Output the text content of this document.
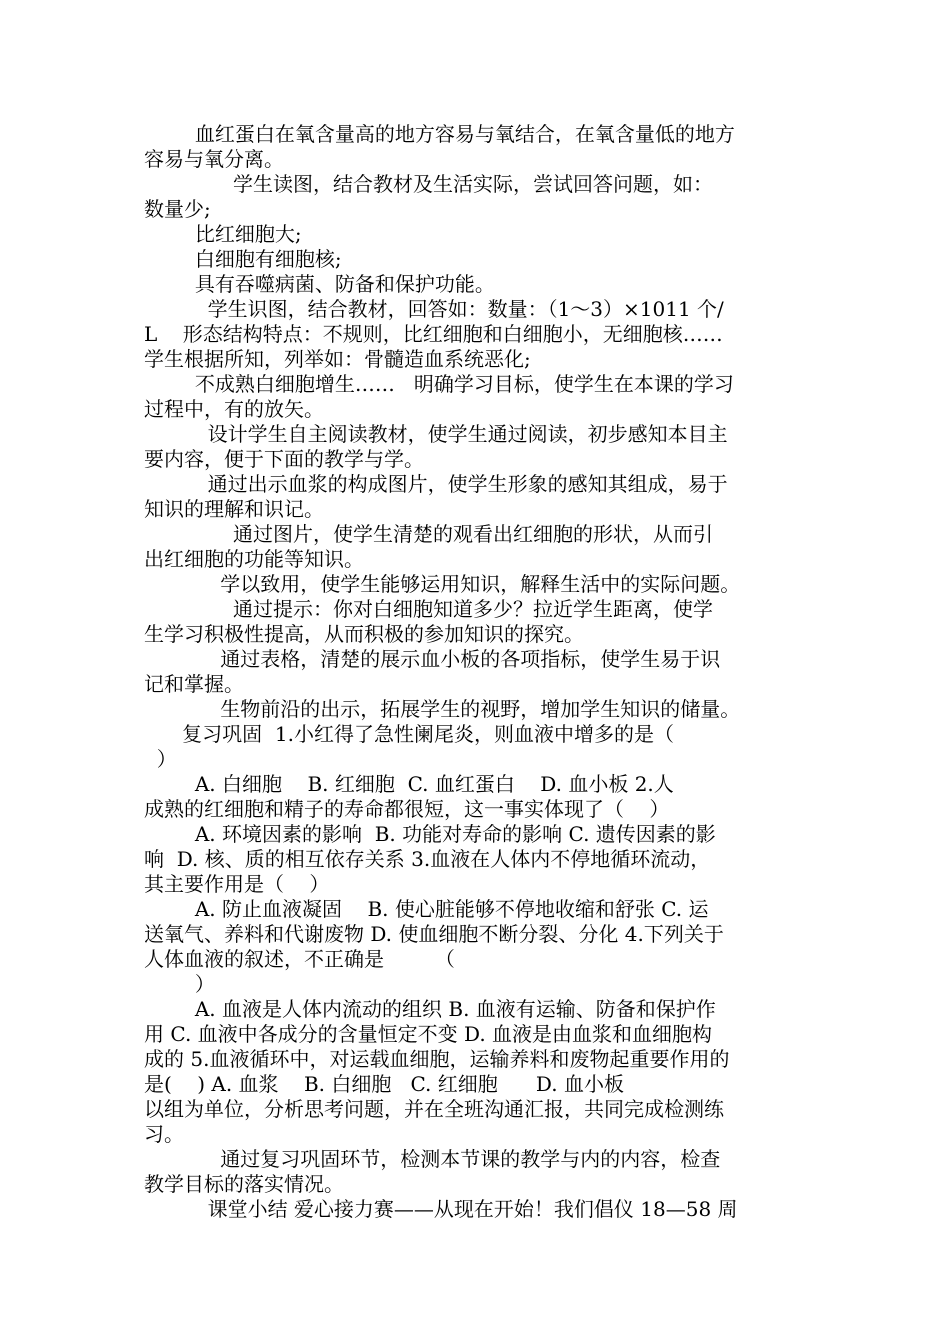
血红蛋白在氧含量高的地方容易与氧结合，在氧含量低的地方
容易与氧分离。
学生读图，结合教材及生活实际，尝试回答问题，如：
数量少;
比红细胞大;
白细胞有细胞核;
具有吞噬病菌、防备和保护功能。
学生识图，结合教材，回答如：数量：（1～3）×1011 个/
L    形态结构特点：不规则，比红细胞和白细胞小，无细胞核……
学生根据所知，列举如：骨髓造血系统恶化;
不成熟白细胞增生……   明确学习目标，使学生在本课的学习
过程中，有的放矢。
设计学生自主阅读教材，使学生通过阅读，初步感知本目主
要内容，便于下面的教学与学。
通过出示血浆的构成图片，使学生形象的感知其组成，易于
知识的理解和识记。
通过图片，使学生清楚的观看出红细胞的形状，从而引
出红细胞的功能等知识。
学以致用，使学生能够运用知识，解释生活中的实际问题。
通过提示：你对白细胞知道多少？拉近学生距离，使学
生学习积极性提高，从而积极的参加知识的探究。
通过表格，清楚的展示血小板的各项指标，使学生易于识
记和掌握。
生物前沿的出示，拓展学生的视野，增加学生知识的储量。
复习巩固  1.小红得了急性阑尾炎，则血液中增多的是（
）
A. 白细胞    B. 红细胞  C. 血红蛋白    D. 血小板 2.人
成熟的红细胞和精子的寿命都很短，这一事实体现了（    ）
A. 环境因素的影响  B. 功能对寿命的影响 C. 遗传因素的影
响  D. 核、质的相互依存关系 3.血液在人体内不停地循环流动，
其主要作用是（    ）
A. 防止血液凝固    B. 使心脏能够不停地收缩和舒张 C. 运
送氧气、养料和代谢废物 D. 使血细胞不断分裂、分化 4.下列关于
人体血液的叙述，不正确是        （
）
A. 血液是人体内流动的组织 B. 血液有运输、防备和保护作
用 C. 血液中各成分的含量恒定不变 D. 血液是由血浆和血细胞构
成的 5.血液循环中，对运载血细胞，运输养料和废物起重要作用的
是(    ) A. 血浆    B. 白细胞   C. 红细胞      D. 血小板
以组为单位，分析思考问题，并在全班沟通汇报，共同完成检测练
习。
通过复习巩固环节，检测本节课的教学与内的内容，检查
教学目标的落实情况。
课堂小结 爱心接力赛——从现在开始！我们倡仪 18—58 周
